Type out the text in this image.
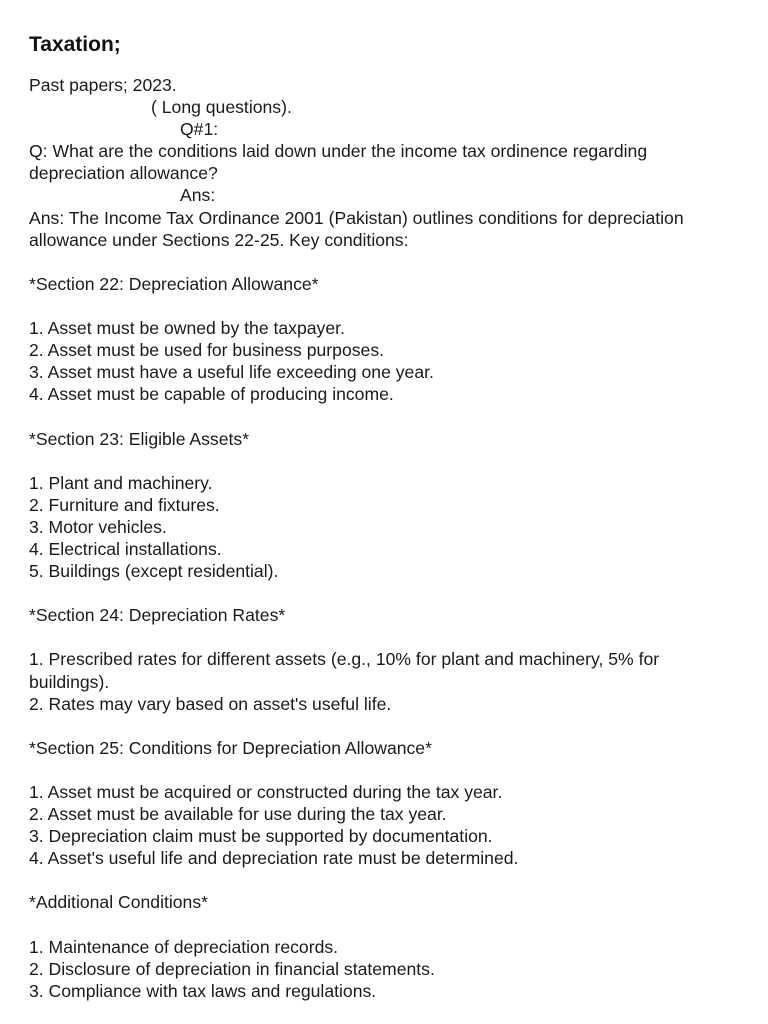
Taxation;

Past papers; 2023.

( Long questions).

Q#1:

Q: What are the conditions laid down under the income tax ordinence regarding depreciation allowance?

Ans:

Ans: The Income Tax Ordinance 2001 (Pakistan) outlines conditions for depreciation allowance under Sections 22-25. Key conditions:

*Section 22: Depreciation Allowance*

1. Asset must be owned by the taxpayer.

2. Asset must be used for business purposes.

3. Asset must have a useful life exceeding one year.

4. Asset must be capable of producing income.

*Section 23: Eligible Assets*

1. Plant and machinery.

2. Furniture and fixtures.

3. Motor vehicles.

4. Electrical installations.

5. Buildings (except residential).

*Section 24: Depreciation Rates*

1. Prescribed rates for different assets (e.g., 10% for plant and machinery, 5% for buildings).

2. Rates may vary based on asset's useful life.

*Section 25: Conditions for Depreciation Allowance*

1. Asset must be acquired or constructed during the tax year.

2. Asset must be available for use during the tax year.

3. Depreciation claim must be supported by documentation.

4. Asset's useful life and depreciation rate must be determined.

*Additional Conditions*

1. Maintenance of depreciation records.

2. Disclosure of depreciation in financial statements.

3. Compliance with tax laws and regulations.
